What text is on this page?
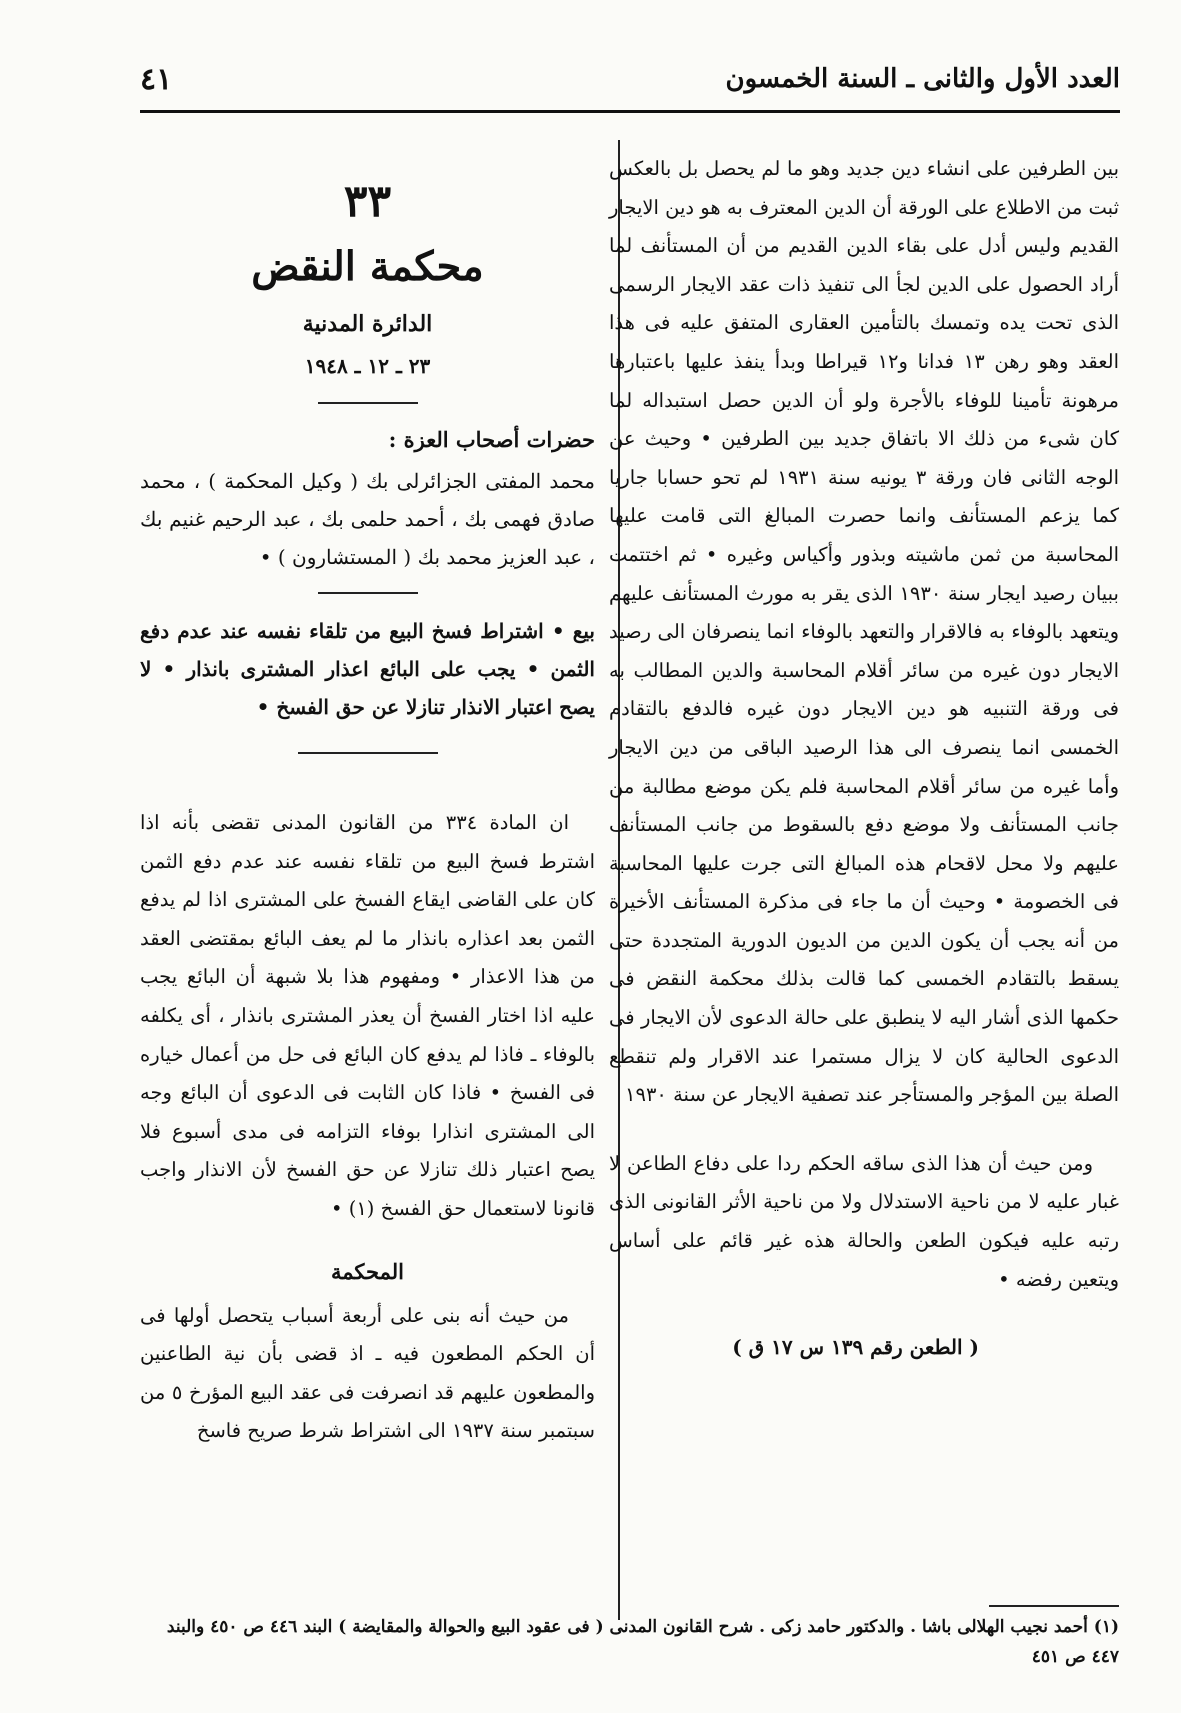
العدد الأول والثانى ـ السنة الخمسون
٤١

بين الطرفين على انشاء دين جديد وهو ما لم يحصل بل بالعكس ثبت من الاطلاع على الورقة أن الدين المعترف به هو دين الايجار القديم وليس أدل على بقاء الدين القديم من أن المستأنف لما أراد الحصول على الدين لجأ الى تنفيذ ذات عقد الايجار الرسمى الذى تحت يده وتمسك بالتأمين العقارى المتفق عليه فى هذا العقد وهو رهن ١٣ فدانا و١٢ قيراطا وبدأ ينفذ عليها باعتبارها مرهونة تأمينا للوفاء بالأجرة ولو أن الدين حصل استبداله لما كان شىء من ذلك الا باتفاق جديد بين الطرفين • وحيث عن الوجه الثانى فان ورقة ٣ يونيه سنة ١٩٣١ لم تحو حسابا جاريا كما يزعم المستأنف وانما حصرت المبالغ التى قامت عليها المحاسبة من ثمن ماشيته وبذور وأكياس وغيره • ثم اختتمت ببيان رصيد ايجار سنة ١٩٣٠ الذى يقر به مورث المستأنف عليهم ويتعهد بالوفاء به فالاقرار والتعهد بالوفاء انما ينصرفان الى رصيد الايجار دون غيره من سائر أقلام المحاسبة والدين المطالب به فى ورقة التنبيه هو دين الايجار دون غيره فالدفع بالتقادم الخمسى انما ينصرف الى هذا الرصيد الباقى من دين الايجار وأما غيره من سائر أقلام المحاسبة فلم يكن موضع مطالبة من جانب المستأنف ولا موضع دفع بالسقوط من جانب المستأنف عليهم ولا محل لاقحام هذه المبالغ التى جرت عليها المحاسبة فى الخصومة • وحيث أن ما جاء فى مذكرة المستأنف الأخيرة من أنه يجب أن يكون الدين من الديون الدورية المتجددة حتى يسقط بالتقادم الخمسى كما قالت بذلك محكمة النقض فى حكمها الذى أشار اليه لا ينطبق على حالة الدعوى لأن الايجار فى الدعوى الحالية كان لا يزال مستمرا عند الاقرار ولم تنقطع الصلة بين المؤجر والمستأجر عند تصفية الايجار عن سنة ١٩٣٠

ومن حيث أن هذا الذى ساقه الحكم ردا على دفاع الطاعن لا غبار عليه لا من ناحية الاستدلال ولا من ناحية الأثر القانونى الذى رتبه عليه فيكون الطعن والحالة هذه غير قائم على أساس ويتعين رفضه •

( الطعن رقم ١٣٩ س ١٧ ق )
٣٣
محكمة النقض
الدائرة المدنية
٢٣ ـ ١٢ ـ ١٩٤٨
حضرات أصحاب العزة :

محمد المفتى الجزائرلى بك ( وكيل المحكمة ) ، محمد صادق فهمى بك ، أحمد حلمى بك ، عبد الرحيم غنيم بك ، عبد العزيز محمد بك ( المستشارون ) •

بيع • اشتراط فسخ البيع من تلقاء نفسه عند عدم دفع الثمن • يجب على البائع اعذار المشترى بانذار • لا يصح اعتبار الانذار تنازلا عن حق الفسخ •

ان المادة ٣٣٤ من القانون المدنى تقضى بأنه اذا اشترط فسخ البيع من تلقاء نفسه عند عدم دفع الثمن كان على القاضى ايقاع الفسخ على المشترى اذا لم يدفع الثمن بعد اعذاره بانذار ما لم يعف البائع بمقتضى العقد من هذا الاعذار • ومفهوم هذا بلا شبهة أن البائع يجب عليه اذا اختار الفسخ أن يعذر المشترى بانذار ، أى يكلفه بالوفاء ـ فاذا لم يدفع كان البائع فى حل من أعمال خياره فى الفسخ • فاذا كان الثابت فى الدعوى أن البائع وجه الى المشترى انذارا بوفاء التزامه فى مدى أسبوع فلا يصح اعتبار ذلك تنازلا عن حق الفسخ لأن الانذار واجب قانونا لاستعمال حق الفسخ (١) •

المحكمة

من حيث أنه بنى على أربعة أسباب يتحصل أولها فى أن الحكم المطعون فيه ـ اذ قضى بأن نية الطاعنين والمطعون عليهم قد انصرفت فى عقد البيع المؤرخ ٥ من سبتمبر سنة ١٩٣٧ الى اشتراط شرط صريح فاسخ

(١) أحمد نجيب الهلالى باشا . والدكتور حامد زكى . شرح القانون المدنى ( فى عقود البيع والحوالة والمقايضة ) البند ٤٤٦ ص ٤٥٠ والبند ٤٤٧ ص ٤٥١
